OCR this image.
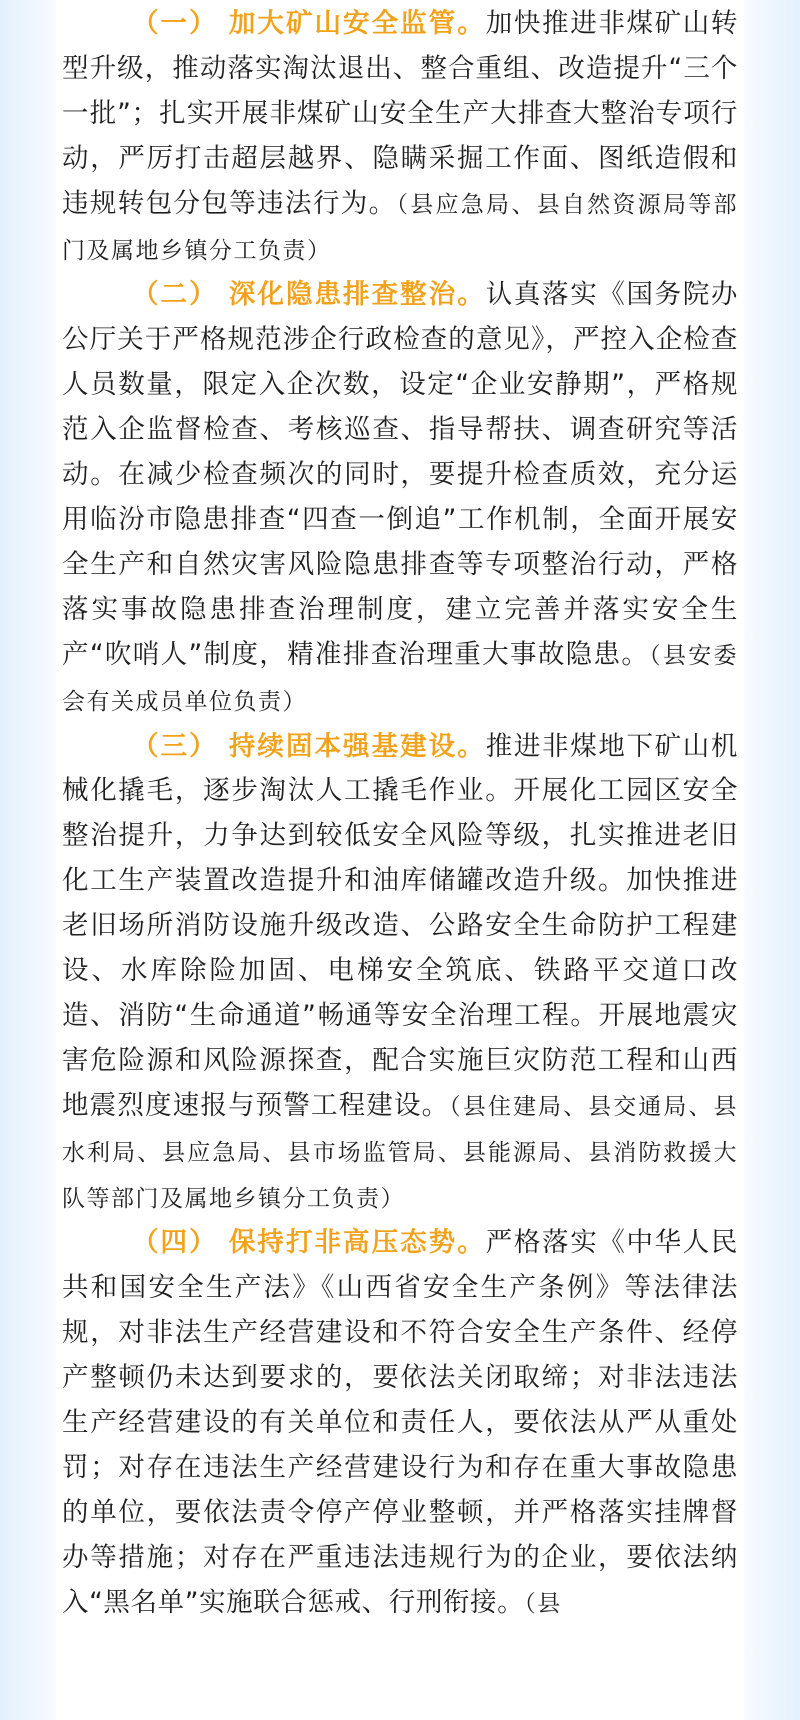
（一） 加大矿山安全监管。加快推进非煤矿山转型升级，推动落实淘汰退出、整合重组、改造提升“三个一批”；扎实开展非煤矿山安全生产大排查大整治专项行动，严厉打击超层越界、隐瞒采掘工作面、图纸造假和违规转包分包等违法行为。（县应急局、县自然资源局等部门及属地乡镇分工负责）

（二） 深化隐患排查整治。认真落实《国务院办公厅关于严格规范涉企行政检查的意见》，严控入企检查人员数量，限定入企次数，设定“企业安静期”，严格规范入企监督检查、考核巡查、指导帮扶、调查研究等活动。在减少检查频次的同时，要提升检查质效，充分运用临汾市隐患排查“四查一倒追”工作机制，全面开展安全生产和自然灾害风险隐患排查等专项整治行动，严格落实事故隐患排查治理制度，建立完善并落实安全生产“吹哨人”制度，精准排查治理重大事故隐患。（县安委会有关成员单位负责）

（三） 持续固本强基建设。推进非煤地下矿山机械化撬毛，逐步淘汰人工撬毛作业。开展化工园区安全整治提升，力争达到较低安全风险等级，扎实推进老旧化工生产装置改造提升和油库储罐改造升级。加快推进老旧场所消防设施升级改造、公路安全生命防护工程建设、水库除险加固、电梯安全筑底、铁路平交道口改造、消防“生命通道”畅通等安全治理工程。开展地震灾害危险源和风险源探查，配合实施巨灾防范工程和山西地震烈度速报与预警工程建设。（县住建局、县交通局、县水利局、县应急局、县市场监管局、县能源局、县消防救援大队等部门及属地乡镇分工负责）

（四） 保持打非高压态势。严格落实《中华人民共和国安全生产法》《山西省安全生产条例》等法律法规，对非法生产经营建设和不符合安全生产条件、经停产整顿仍未达到要求的，要依法关闭取缔；对非法违法生产经营建设的有关单位和责任人，要依法从严从重处罚；对存在违法生产经营建设行为和存在重大事故隐患的单位，要依法责令停产停业整顿，并严格落实挂牌督办等措施；对存在严重违法违规行为的企业，要依法纳入“黑名单”实施联合惩戒、行刑衔接。（县
